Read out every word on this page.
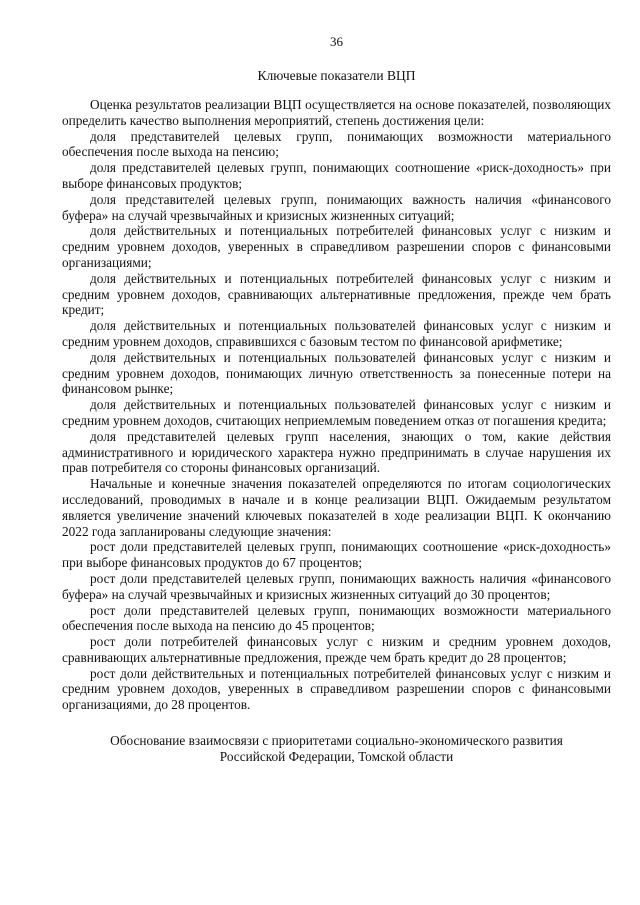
36
Ключевые показатели ВЦП

Оценка результатов реализации ВЦП осуществляется на основе показателей, позволяющих определить качество выполнения мероприятий, степень достижения цели:

доля представителей целевых групп, понимающих возможности материального обеспечения после выхода на пенсию;

доля представителей целевых групп, понимающих соотношение «риск-доходность» при выборе финансовых продуктов;

доля представителей целевых групп, понимающих важность наличия «финансового буфера» на случай чрезвычайных и кризисных жизненных ситуаций;

доля действительных и потенциальных потребителей финансовых услуг с низким и средним уровнем доходов, уверенных в справедливом разрешении споров с финансовыми организациями;

доля действительных и потенциальных потребителей финансовых услуг с низким и средним уровнем доходов, сравнивающих альтернативные предложения, прежде чем брать кредит;

доля действительных и потенциальных пользователей финансовых услуг с низким и средним уровнем доходов, справившихся с базовым тестом по финансовой арифметике;

доля действительных и потенциальных пользователей финансовых услуг с низким и средним уровнем доходов, понимающих личную ответственность за понесенные потери на финансовом рынке;

доля действительных и потенциальных пользователей финансовых услуг с низким и средним уровнем доходов, считающих неприемлемым поведением отказ от погашения кредита;

доля представителей целевых групп населения, знающих о том, какие действия административного и юридического характера нужно предпринимать в случае нарушения их прав потребителя со стороны финансовых организаций.

Начальные и конечные значения показателей определяются по итогам социологических исследований, проводимых в начале и в конце реализации ВЦП. Ожидаемым результатом является увеличение значений ключевых показателей в ходе реализации ВЦП. К окончанию 2022 года запланированы следующие значения:

рост доли представителей целевых групп, понимающих соотношение «риск-доходность» при выборе финансовых продуктов до 67 процентов;

рост доли представителей целевых групп, понимающих важность наличия «финансового буфера» на случай чрезвычайных и кризисных жизненных ситуаций до 30 процентов;

рост доли представителей целевых групп, понимающих возможности материального обеспечения после выхода на пенсию до 45 процентов;

рост доли потребителей финансовых услуг с низким и средним уровнем доходов, сравнивающих альтернативные предложения, прежде чем брать кредит до 28 процентов;

рост доли действительных и потенциальных потребителей финансовых услуг с низким и средним уровнем доходов, уверенных в справедливом разрешении споров с финансовыми организациями, до 28 процентов.

Обоснование взаимосвязи с приоритетами социально-экономического развития
Российской Федерации, Томской области
